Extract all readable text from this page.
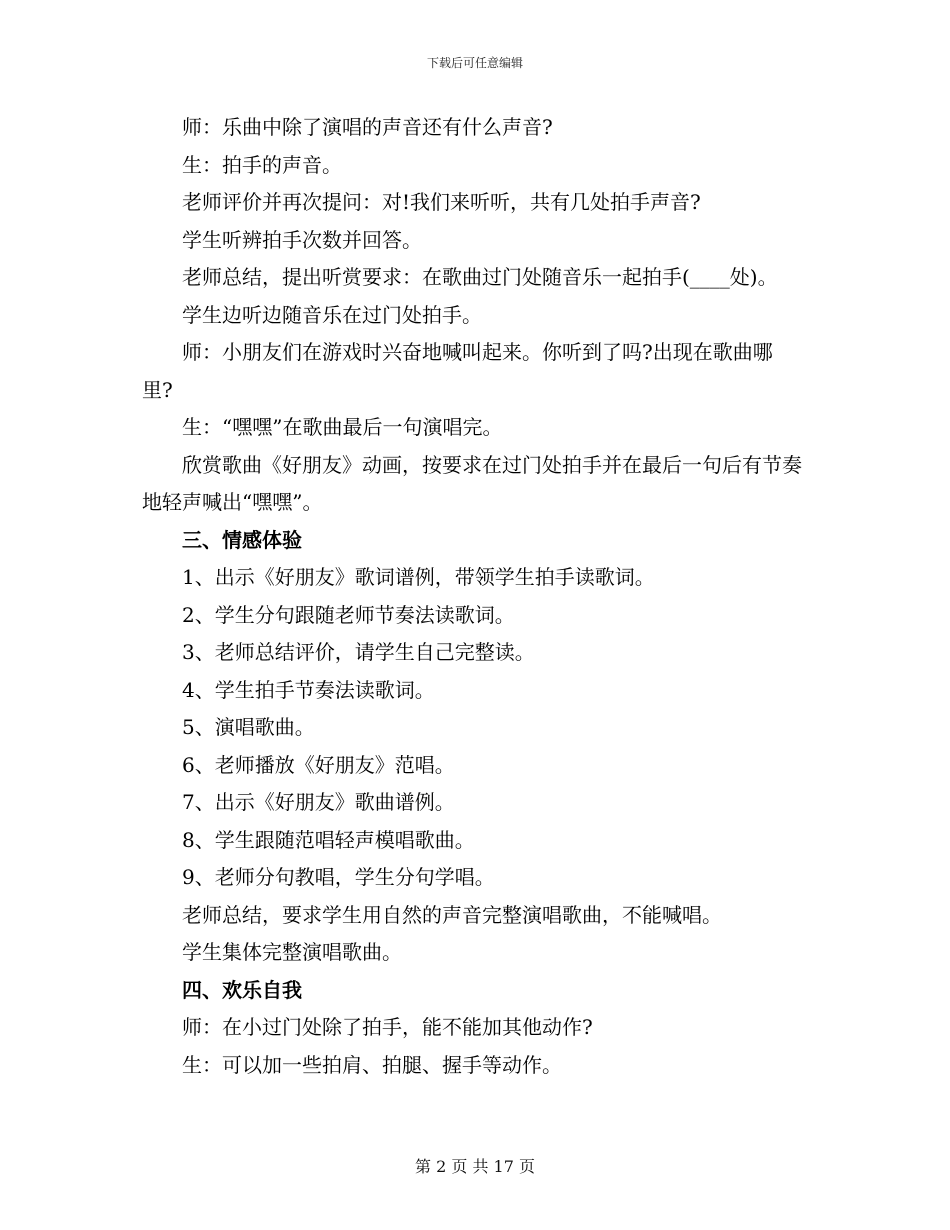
下载后可任意编辑

师：乐曲中除了演唱的声音还有什么声音?

生：拍手的声音。

老师评价并再次提问：对!我们来听听，共有几处拍手声音?

学生听辨拍手次数并回答。

老师总结，提出听赏要求：在歌曲过门处随音乐一起拍手(____处)。

学生边听边随音乐在过门处拍手。

师：小朋友们在游戏时兴奋地喊叫起来。你听到了吗?出现在歌曲哪里?

生：“嘿嘿”在歌曲最后一句演唱完。

欣赏歌曲《好朋友》动画，按要求在过门处拍手并在最后一句后有节奏地轻声喊出“嘿嘿”。

三、情感体验

1、出示《好朋友》歌词谱例，带领学生拍手读歌词。

2、学生分句跟随老师节奏法读歌词。

3、老师总结评价，请学生自己完整读。

4、学生拍手节奏法读歌词。

5、演唱歌曲。

6、老师播放《好朋友》范唱。

7、出示《好朋友》歌曲谱例。

8、学生跟随范唱轻声模唱歌曲。

9、老师分句教唱，学生分句学唱。

老师总结，要求学生用自然的声音完整演唱歌曲，不能喊唱。

学生集体完整演唱歌曲。

四、欢乐自我

师：在小过门处除了拍手，能不能加其他动作?

生：可以加一些拍肩、拍腿、握手等动作。

第 2 页 共 17 页
